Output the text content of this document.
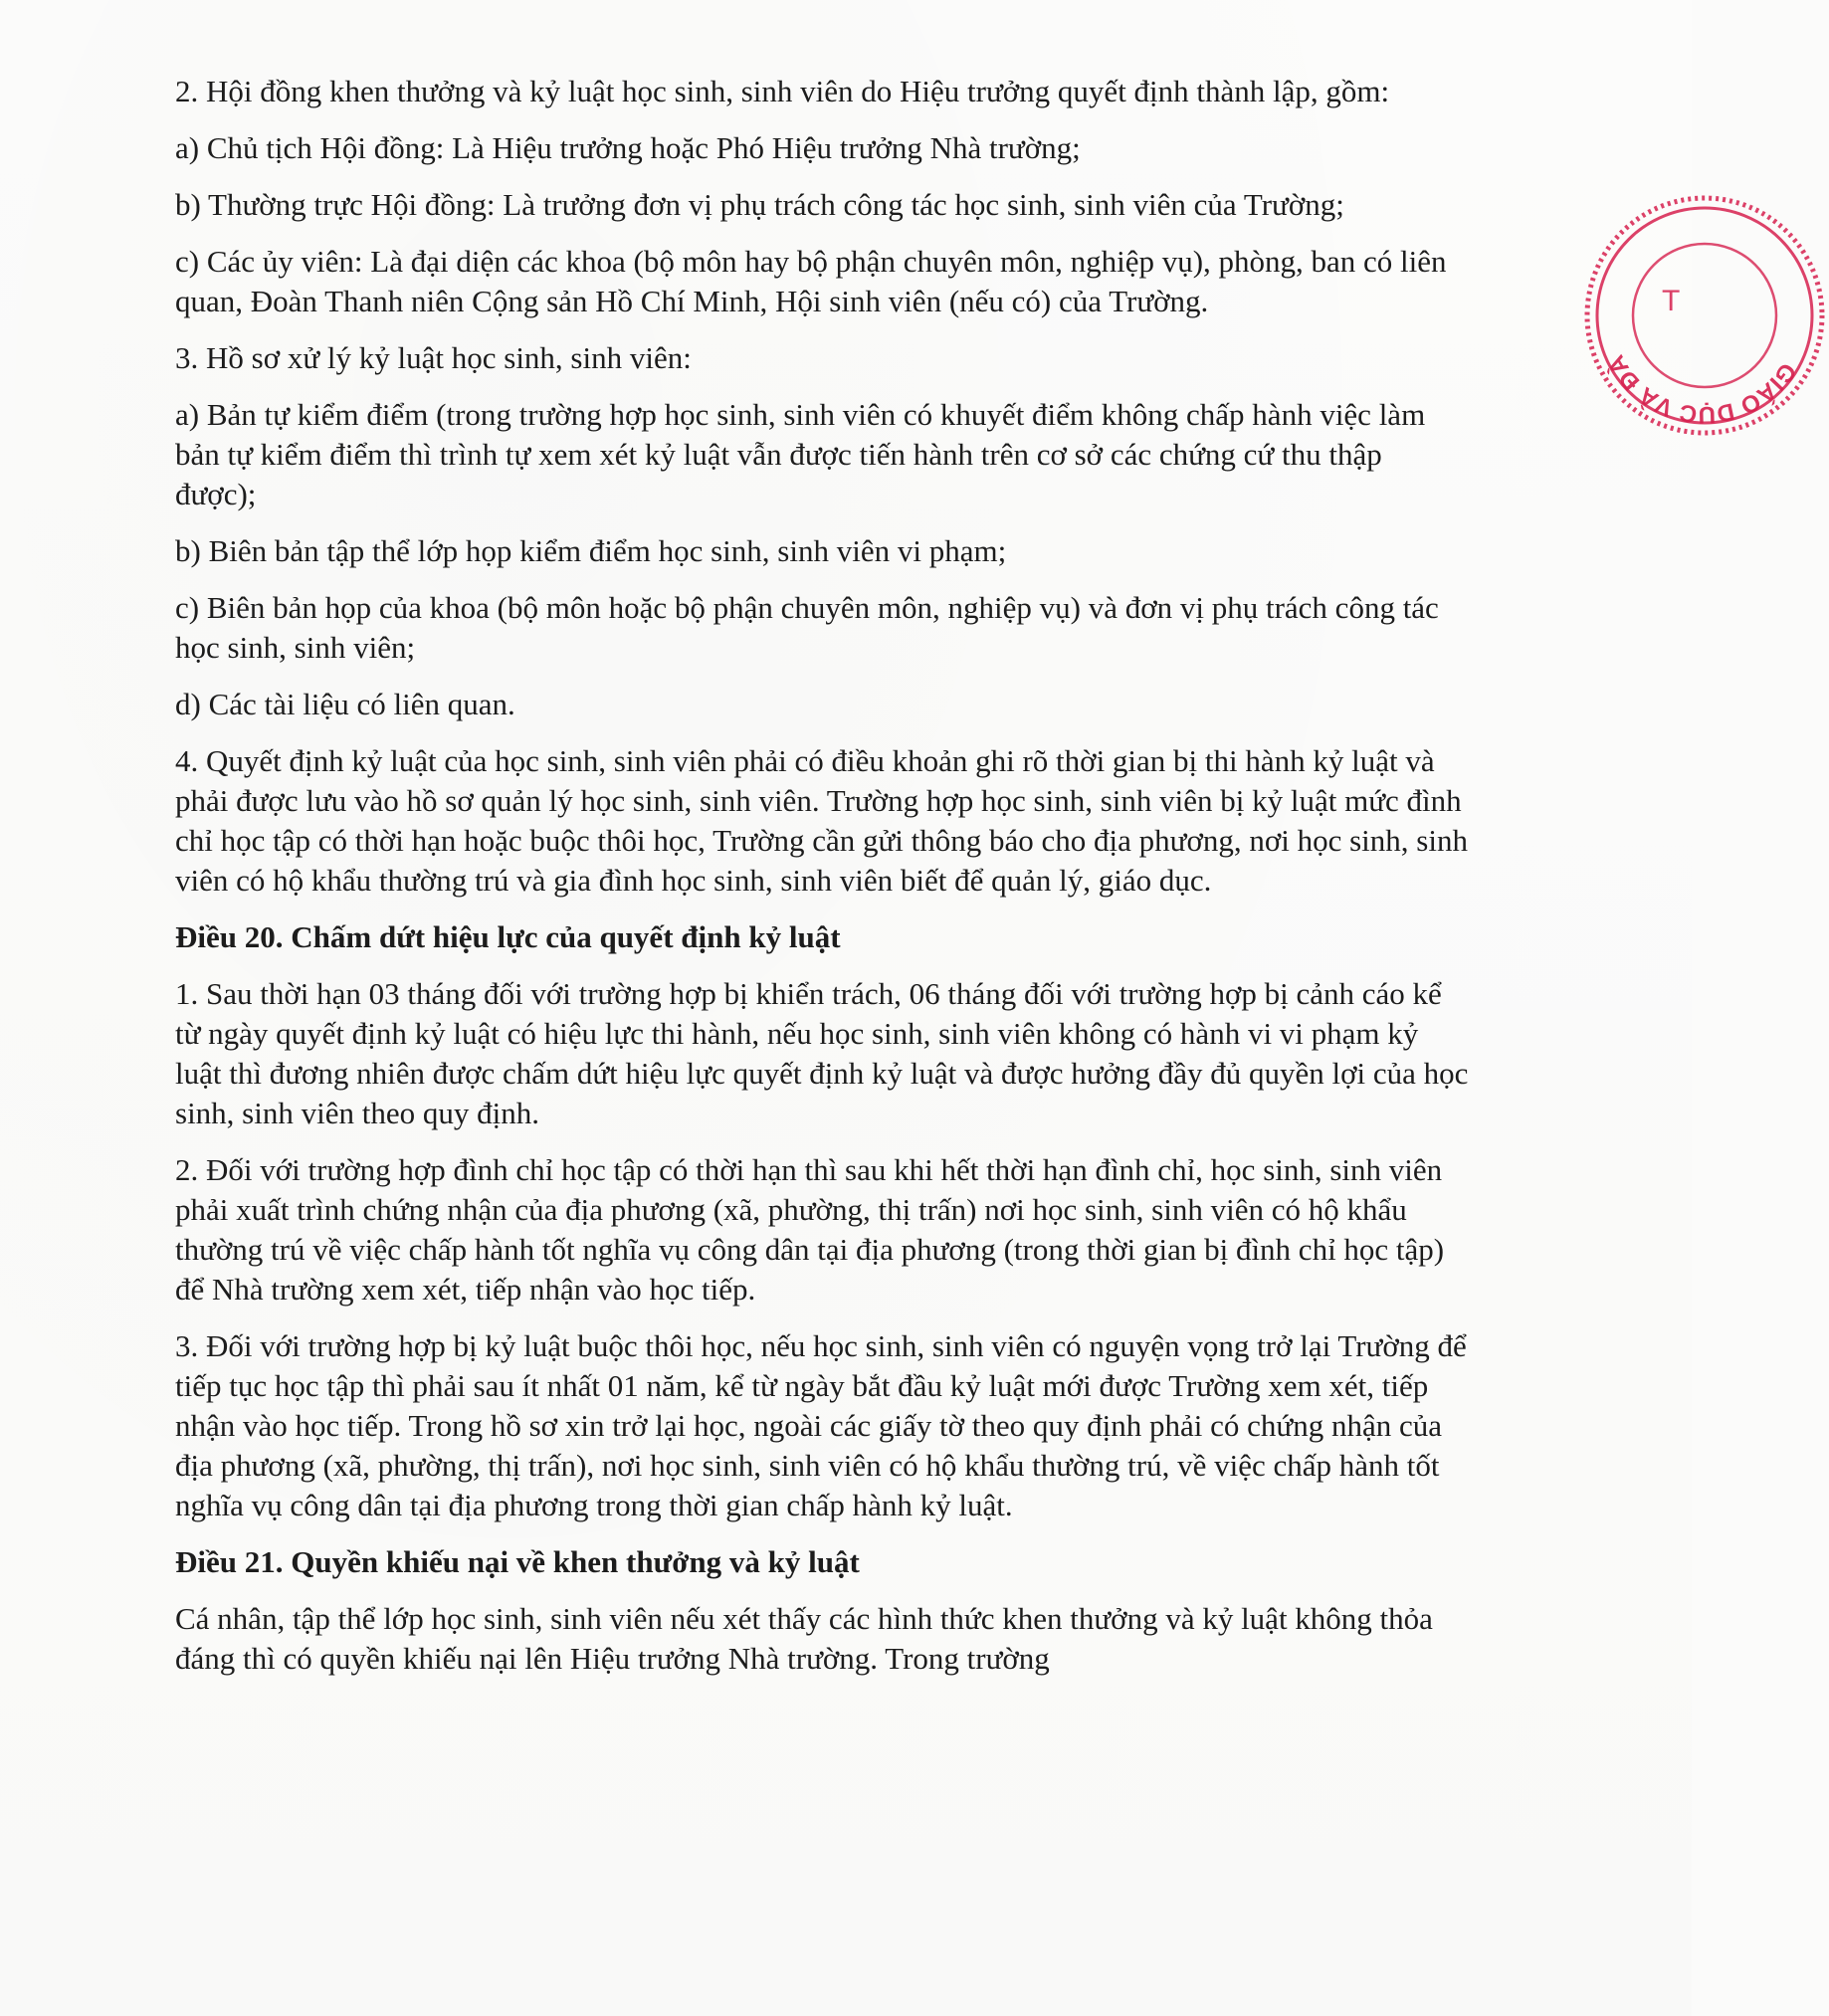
GIÁO DỤC VÀ ĐÀ
T

2. Hội đồng khen thưởng và kỷ luật học sinh, sinh viên do Hiệu trưởng quyết định thành lập, gồm:

a) Chủ tịch Hội đồng: Là Hiệu trưởng hoặc Phó Hiệu trưởng Nhà trường;

b) Thường trực Hội đồng: Là trưởng đơn vị phụ trách công tác học sinh, sinh viên của Trường;

c) Các ủy viên: Là đại diện các khoa (bộ môn hay bộ phận chuyên môn, nghiệp vụ), phòng, ban có liên quan, Đoàn Thanh niên Cộng sản Hồ Chí Minh, Hội sinh viên (nếu có) của Trường.

3. Hồ sơ xử lý kỷ luật học sinh, sinh viên:

a) Bản tự kiểm điểm (trong trường hợp học sinh, sinh viên có khuyết điểm không chấp hành việc làm bản tự kiểm điểm thì trình tự xem xét kỷ luật vẫn được tiến hành trên cơ sở các chứng cứ thu thập được);

b) Biên bản tập thể lớp họp kiểm điểm học sinh, sinh viên vi phạm;

c) Biên bản họp của khoa (bộ môn hoặc bộ phận chuyên môn, nghiệp vụ) và đơn vị phụ trách công tác học sinh, sinh viên;

d) Các tài liệu có liên quan.

4. Quyết định kỷ luật của học sinh, sinh viên phải có điều khoản ghi rõ thời gian bị thi hành kỷ luật và phải được lưu vào hồ sơ quản lý học sinh, sinh viên. Trường hợp học sinh, sinh viên bị kỷ luật mức đình chỉ học tập có thời hạn hoặc buộc thôi học, Trường cần gửi thông báo cho địa phương, nơi học sinh, sinh viên có hộ khẩu thường trú và gia đình học sinh, sinh viên biết để quản lý, giáo dục.

Điều 20. Chấm dứt hiệu lực của quyết định kỷ luật

1. Sau thời hạn 03 tháng đối với trường hợp bị khiển trách, 06 tháng đối với trường hợp bị cảnh cáo kể từ ngày quyết định kỷ luật có hiệu lực thi hành, nếu học sinh, sinh viên không có hành vi vi phạm kỷ luật thì đương nhiên được chấm dứt hiệu lực quyết định kỷ luật và được hưởng đầy đủ quyền lợi của học sinh, sinh viên theo quy định.

2. Đối với trường hợp đình chỉ học tập có thời hạn thì sau khi hết thời hạn đình chỉ, học sinh, sinh viên phải xuất trình chứng nhận của địa phương (xã, phường, thị trấn) nơi học sinh, sinh viên có hộ khẩu thường trú về việc chấp hành tốt nghĩa vụ công dân tại địa phương (trong thời gian bị đình chỉ học tập) để Nhà trường xem xét, tiếp nhận vào học tiếp.

3. Đối với trường hợp bị kỷ luật buộc thôi học, nếu học sinh, sinh viên có nguyện vọng trở lại Trường để tiếp tục học tập thì phải sau ít nhất 01 năm, kể từ ngày bắt đầu kỷ luật mới được Trường xem xét, tiếp nhận vào học tiếp. Trong hồ sơ xin trở lại học, ngoài các giấy tờ theo quy định phải có chứng nhận của địa phương (xã, phường, thị trấn), nơi học sinh, sinh viên có hộ khẩu thường trú, về việc chấp hành tốt nghĩa vụ công dân tại địa phương trong thời gian chấp hành kỷ luật.

Điều 21. Quyền khiếu nại về khen thưởng và kỷ luật

Cá nhân, tập thể lớp học sinh, sinh viên nếu xét thấy các hình thức khen thưởng và kỷ luật không thỏa đáng thì có quyền khiếu nại lên Hiệu trưởng Nhà trường. Trong trường
